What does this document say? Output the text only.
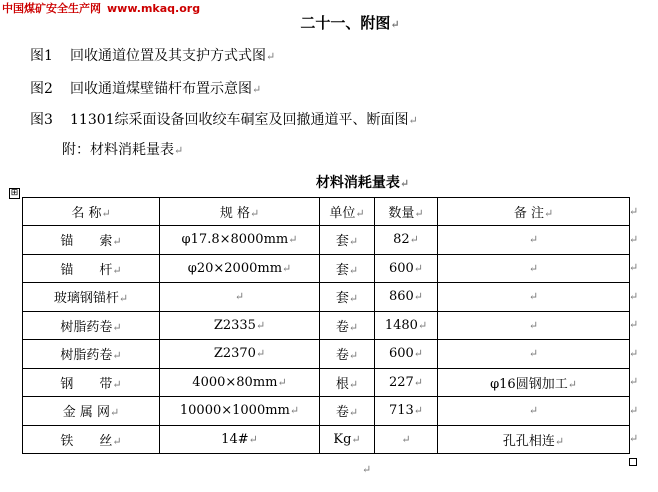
中国煤矿安全生产网 www.mkaq.org
二十一、附图↵
图1 回收通道位置及其支护方式式图↵
图2 回收通道煤壁锚杆布置示意图↵
图3 11301综采面设备回收绞车硐室及回撤通道平、断面图↵
附：材料消耗量表↵
材料消耗量表↵
⊞
名 称↵	规 格↵	单位↵	数量↵	备 注↵
锚　　索↵	φ17.8×8000mm↵	套↵	82↵	↵
锚　　杆↵	φ20×2000mm↵	套↵	600↵	↵
玻璃钢锚杆↵	↵	套↵	860↵	↵
树脂药卷↵	Z2335↵	卷↵	1480↵	↵
树脂药卷↵	Z2370↵	卷↵	600↵	↵
钢　　带↵	4000×80mm↵	根↵	227↵	φ16圆钢加工↵
金 属 网↵	10000×1000mm↵	卷↵	713↵	↵
铁　　丝↵	14#↵	Kg↵	↵	孔孔相连↵
↵
↵
↵
↵
↵
↵
↵
↵
↵
↵
